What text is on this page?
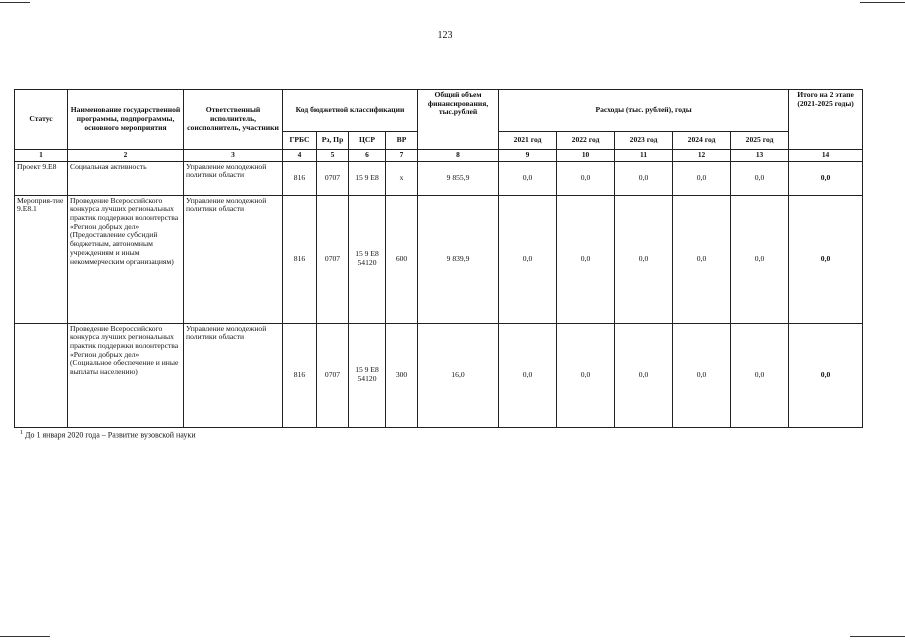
123
Статус	Наименование государственной программы, подпрограммы, основного мероприятия	Ответственный исполнитель, соисполнитель, участники	Код бюджетной классификации				Общий объем финансирования, тыс.рублей	Расходы (тыс. рублей), годы					Итого на 2 этапе (2021-2025 годы)
			ГРБС	Рз, Пр	ЦСР	ВР		2021 год	2022 год	2023 год	2024 год	2025 год	
1	2	3	4	5	6	7	8	9	10	11	12	13	14
Проект 9.Е8	Социальная активность	Управление молодежной политики области	816	0707	15 9 Е8	х	9 855,9	0,0	0,0	0,0	0,0	0,0	0,0
Мероприя-тие 9.Е8.1	Проведение Всероссийского конкурса лучших региональных практик поддержки волонтерства «Регион добрых дел» (Предоставление субсидий бюджетным, автономным учреждениям и иным некоммерческим организациям)	Управление молодежной политики области	816	0707	15 9 Е8 54120	600	9 839,9	0,0	0,0	0,0	0,0	0,0	0,0
	Проведение Всероссийского конкурса лучших региональных практик поддержки волонтерства «Регион добрых дел» (Социальное обеспечение и иные выплаты населению)	Управление молодежной политики области	816	0707	15 9 Е8 54120	300	16,0	0,0	0,0	0,0	0,0	0,0	0,0
$^1$ До 1 января 2020 года – Развитие вузовской науки
